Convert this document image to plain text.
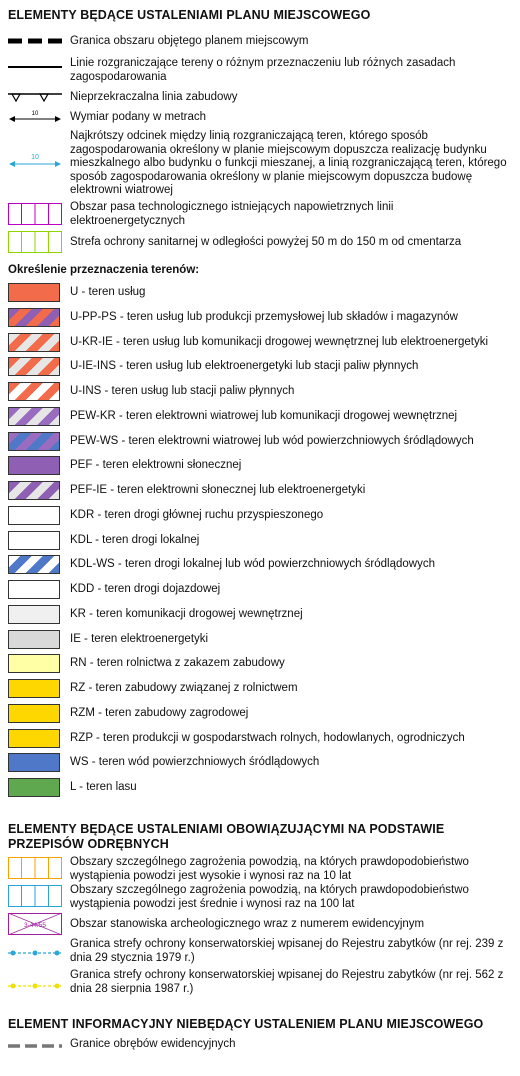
ELEMENTY BĘDĄCE USTALENIAMI PLANU MIEJSCOWEGO
Granica obszaru objętego planem miejscowym
Linie rozgraniczające tereny o różnym przeznaczeniu lub różnych zasadach zagospodarowania
Nieprzekraczalna linia zabudowy
10	Wymiar podany w metrach
10
Najkrótszy odcinek między linią rozgraniczającą teren, którego sposób zagospodarowania określony w planie miejscowym dopuszcza realizację budynku mieszkalnego albo budynku o funkcji mieszanej, a linią rozgraniczającą teren, którego sposób zagospodarowania określony w planie miejscowym dopuszcza budowę elektrowni wiatrowej
Obszar pasa technologicznego istniejących napowietrznych linii elektroenergetycznych
Strefa ochrony sanitarnej w odległości powyżej 50 m do 150 m od cmentarza
Określenie przeznaczenia terenów:
U - teren usług
U-PP-PS - teren usług lub produkcji przemysłowej lub składów i magazynów
U-KR-IE - teren usług lub komunikacji drogowej wewnętrznej lub elektroenergetyki
U-IE-INS - teren usług lub elektroenergetyki lub stacji paliw płynnych
U-INS - teren usług lub stacji paliw płynnych
PEW-KR - teren elektrowni wiatrowej lub komunikacji drogowej wewnętrznej
PEW-WS - teren elektrowni wiatrowej lub wód powierzchniowych śródlądowych
PEF - teren elektrowni słonecznej
PEF-IE - teren elektrowni słonecznej lub elektroenergetyki
KDR - teren drogi głównej ruchu przyspieszonego
KDL - teren drogi lokalnej
KDL-WS - teren drogi lokalnej lub wód powierzchniowych śródlądowych
KDD - teren drogi dojazdowej
KR - teren komunikacji drogowej wewnętrznej
IE - teren elektroenergetyki
RN - teren rolnictwa z zakazem zabudowy
RZ - teren zabudowy związanej z rolnictwem
RZM - teren zabudowy zagrodowej
RZP - teren produkcji w gospodarstwach rolnych, hodowlanych, ogrodniczych
WS - teren wód powierzchniowych śródlądowych
L - teren lasu
ELEMENTY BĘDĄCE USTALENIAMI OBOWIĄZUJĄCYMI NA PODSTAWIE PRZEPISÓW ODRĘBNYCH
Obszary szczególnego zagrożenia powodzią, na których prawdopodobieństwo wystąpienia powodzi jest wysokie i wynosi raz na 10 lat
Obszary szczególnego zagrożenia powodzią, na których prawdopodobieństwo wystąpienia powodzi jest średnie i wynosi raz na 100 lat
3-44/55 Obszar stanowiska archeologicznego wraz z numerem ewidencyjnym
Granica strefy ochrony konserwatorskiej wpisanej do Rejestru zabytków (nr rej. 239 z dnia 29 stycznia 1979 r.)
Granica strefy ochrony konserwatorskiej wpisanej do Rejestru zabytków (nr rej. 562 z dnia 28 sierpnia 1987 r.)
ELEMENT INFORMACYJNY NIEBĘDĄCY USTALENIEM PLANU MIEJSCOWEGO
Granice obrębów ewidencyjnych
